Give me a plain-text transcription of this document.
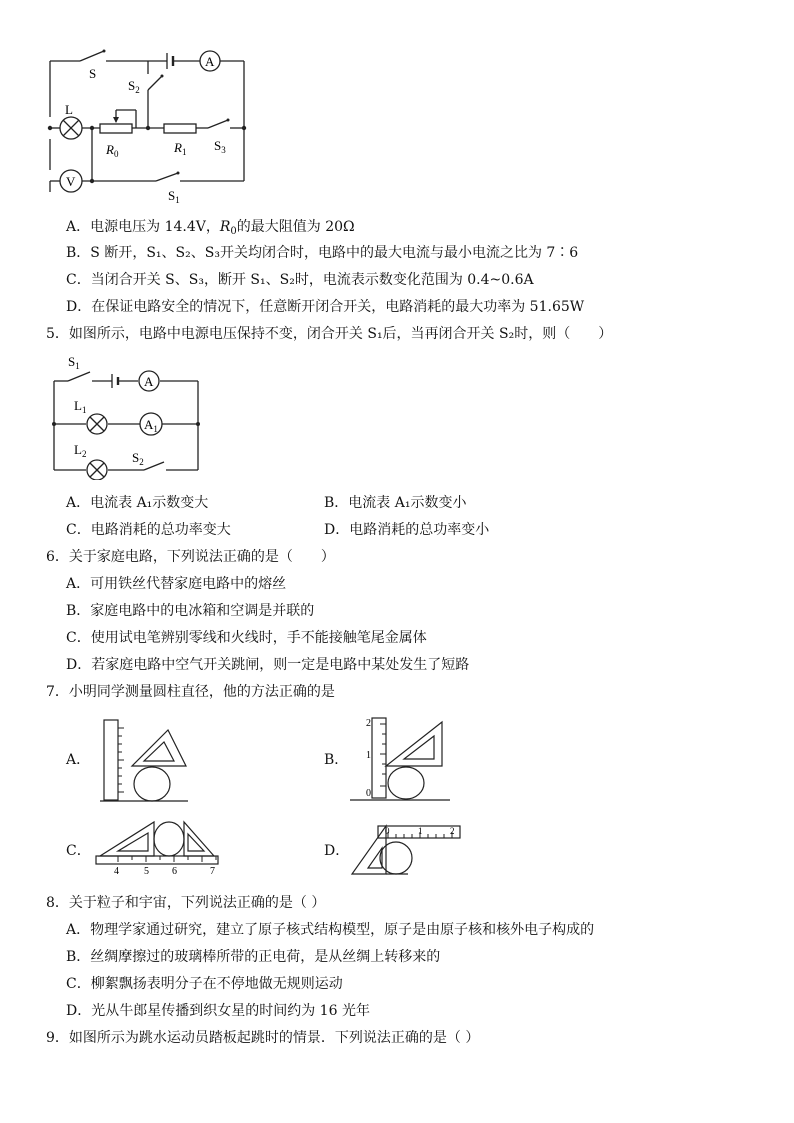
A
V
S
$S_2$
L
$R_0$	$R_1$ $S_3$
$S_1$
A．电源电压为 14.4V，$R_0$的最大阻值为 20Ω
B．S 断开，S₁、S₂、S₃开关均闭合时，电路中的最大电流与最小电流之比为 7∶6
C．当闭合开关 S、S₃，断开 S₁、S₂时，电流表示数变化范围为 0.4~0.6A
D．在保证电路安全的情况下，任意断开闭合开关，电路消耗的最大功率为 51.65W
5．如图所示，电路中电源电压保持不变，闭合开关 S₁后，当再闭合开关 S₂时，则（　　）
$S_1$
A
$L_1$
$A_1$
$L_2$	$S_2$
A．电流表 A₁示数变大	B．电流表 A₁示数变小
C．电路消耗的总功率变大	D．电路消耗的总功率变小
6．关于家庭电路，下列说法正确的是（　　）
A．可用铁丝代替家庭电路中的熔丝
B．家庭电路中的电冰箱和空调是并联的
C．使用试电笔辨别零线和火线时，手不能接触笔尾金属体
D．若家庭电路中空气开关跳闸，则一定是电路中某处发生了短路
7．小明同学测量圆柱直径，他的方法正确的是
A．	B．
2
1
0
C．
4	5 6	7
D．
0	1	2
8．关于粒子和宇宙，下列说法正确的是（ ）
A．物理学家通过研究，建立了原子核式结构模型，原子是由原子核和核外电子构成的
B．丝绸摩擦过的玻璃棒所带的正电荷，是从丝绸上转移来的
C．柳絮飘扬表明分子在不停地做无规则运动
D．光从牛郎星传播到织女星的时间约为 16 光年
9．如图所示为跳水运动员踏板起跳时的情景．下列说法正确的是（ ）
